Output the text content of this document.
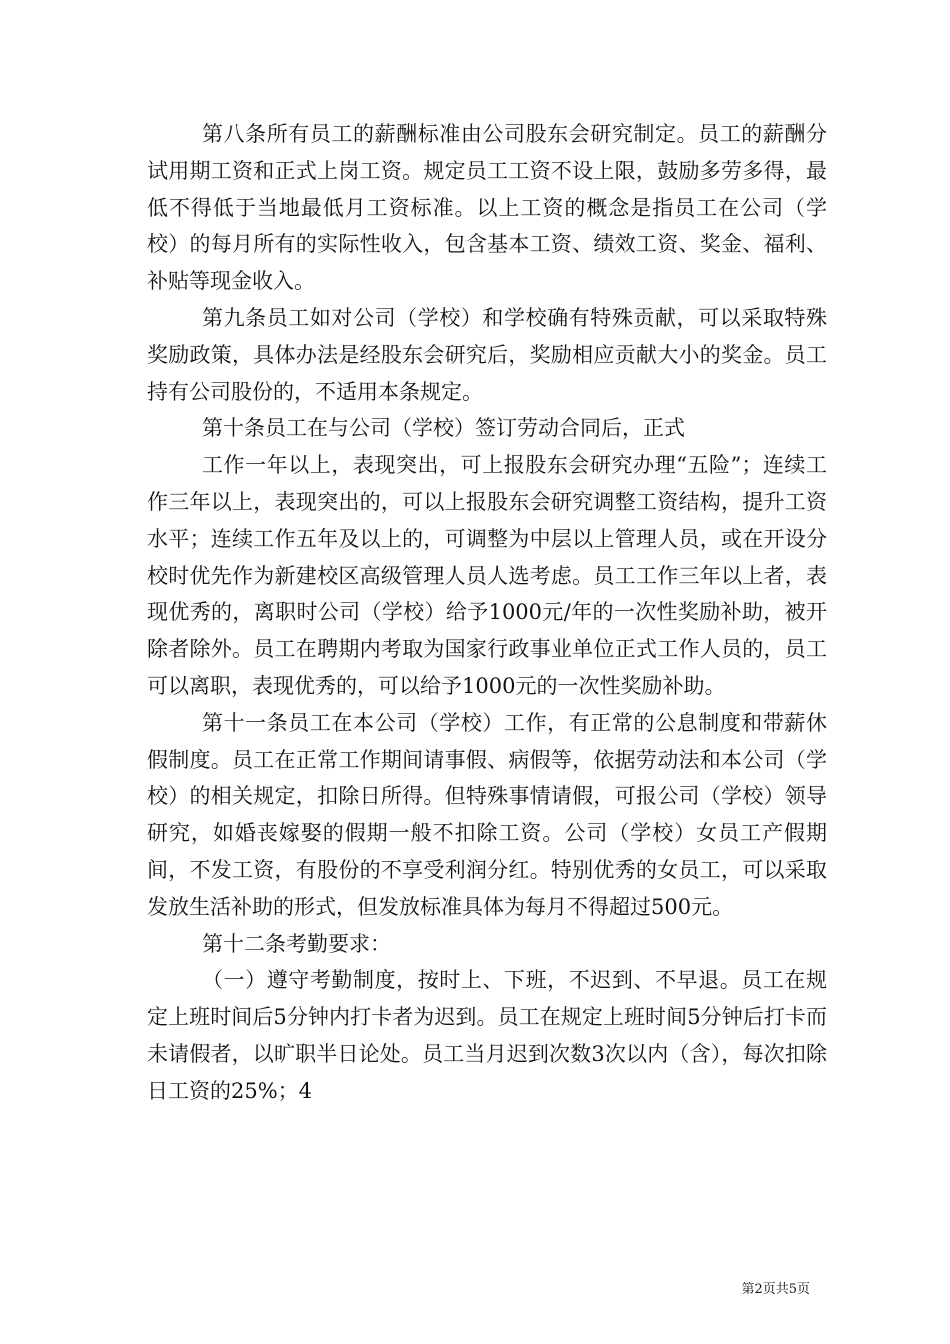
第八条所有员工的薪酬标准由公司股东会研究制定。员工的薪酬分试用期工资和正式上岗工资。规定员工工资不设上限，鼓励多劳多得，最低不得低于当地最低月工资标准。以上工资的概念是指员工在公司（学校）的每月所有的实际性收入，包含基本工资、绩效工资、奖金、福利、补贴等现金收入。

第九条员工如对公司（学校）和学校确有特殊贡献，可以采取特殊奖励政策，具体办法是经股东会研究后，奖励相应贡献大小的奖金。员工持有公司股份的，不适用本条规定。

第十条员工在与公司（学校）签订劳动合同后，正式

工作一年以上，表现突出，可上报股东会研究办理“五险”；连续工作三年以上，表现突出的，可以上报股东会研究调整工资结构，提升工资水平；连续工作五年及以上的，可调整为中层以上管理人员，或在开设分校时优先作为新建校区高级管理人员人选考虑。员工工作三年以上者，表现优秀的，离职时公司（学校）给予1000元/年的一次性奖励补助，被开除者除外。员工在聘期内考取为国家行政事业单位正式工作人员的，员工可以离职，表现优秀的，可以给予1000元的一次性奖励补助。

第十一条员工在本公司（学校）工作，有正常的公息制度和带薪休假制度。员工在正常工作期间请事假、病假等，依据劳动法和本公司（学校）的相关规定，扣除日所得。但特殊事情请假，可报公司（学校）领导研究，如婚丧嫁娶的假期一般不扣除工资。公司（学校）女员工产假期间，不发工资，有股份的不享受利润分红。特别优秀的女员工，可以采取发放生活补助的形式，但发放标准具体为每月不得超过500元。

第十二条考勤要求：

（一）遵守考勤制度，按时上、下班，不迟到、不早退。员工在规定上班时间后5分钟内打卡者为迟到。员工在规定上班时间5分钟后打卡而未请假者，以旷职半日论处。员工当月迟到次数3次以内（含），每次扣除日工资的25%；4

第2页共5页
